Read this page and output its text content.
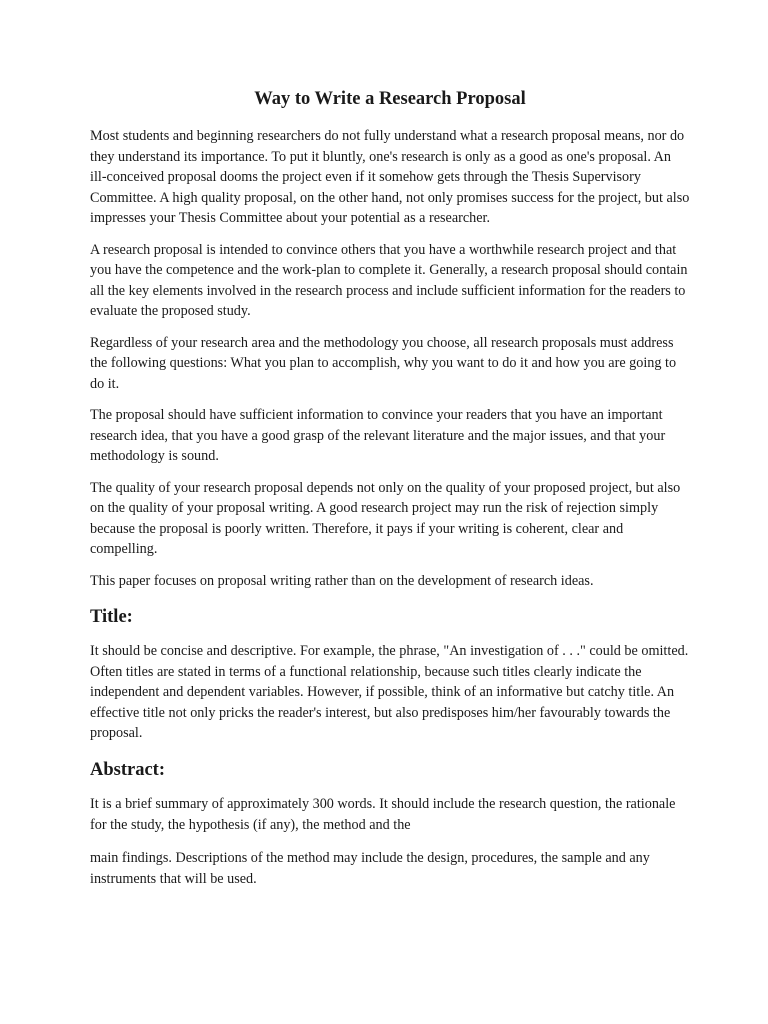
Way to Write a Research Proposal

Most students and beginning researchers do not fully understand what a research proposal means, nor do they understand its importance. To put it bluntly, one's research is only as a good as one's proposal. An ill-conceived proposal dooms the project even if it somehow gets through the Thesis Supervisory Committee. A high quality proposal, on the other hand, not only promises success for the project, but also impresses your Thesis Committee about your potential as a researcher.

A research proposal is intended to convince others that you have a worthwhile research project and that you have the competence and the work-plan to complete it. Generally, a research proposal should contain all the key elements involved in the research process and include sufficient information for the readers to evaluate the proposed study.

Regardless of your research area and the methodology you choose, all research proposals must address the following questions: What you plan to accomplish, why you want to do it and how you are going to do it.

The proposal should have sufficient information to convince your readers that you have an important research idea, that you have a good grasp of the relevant literature and the major issues, and that your methodology is sound.

The quality of your research proposal depends not only on the quality of your proposed project, but also on the quality of your proposal writing. A good research project may run the risk of rejection simply because the proposal is poorly written. Therefore, it pays if your writing is coherent, clear and compelling.

This paper focuses on proposal writing rather than on the development of research ideas.

Title:

It should be concise and descriptive. For example, the phrase, "An investigation of . . ." could be omitted. Often titles are stated in terms of a functional relationship, because such titles clearly indicate the independent and dependent variables. However, if possible, think of an informative but catchy title. An effective title not only pricks the reader's interest, but also predisposes him/her favourably towards the proposal.

Abstract:

It is a brief summary of approximately 300 words. It should include the research question, the rationale for the study, the hypothesis (if any), the method and the

main findings. Descriptions of the method may include the design, procedures, the sample and any instruments that will be used.
